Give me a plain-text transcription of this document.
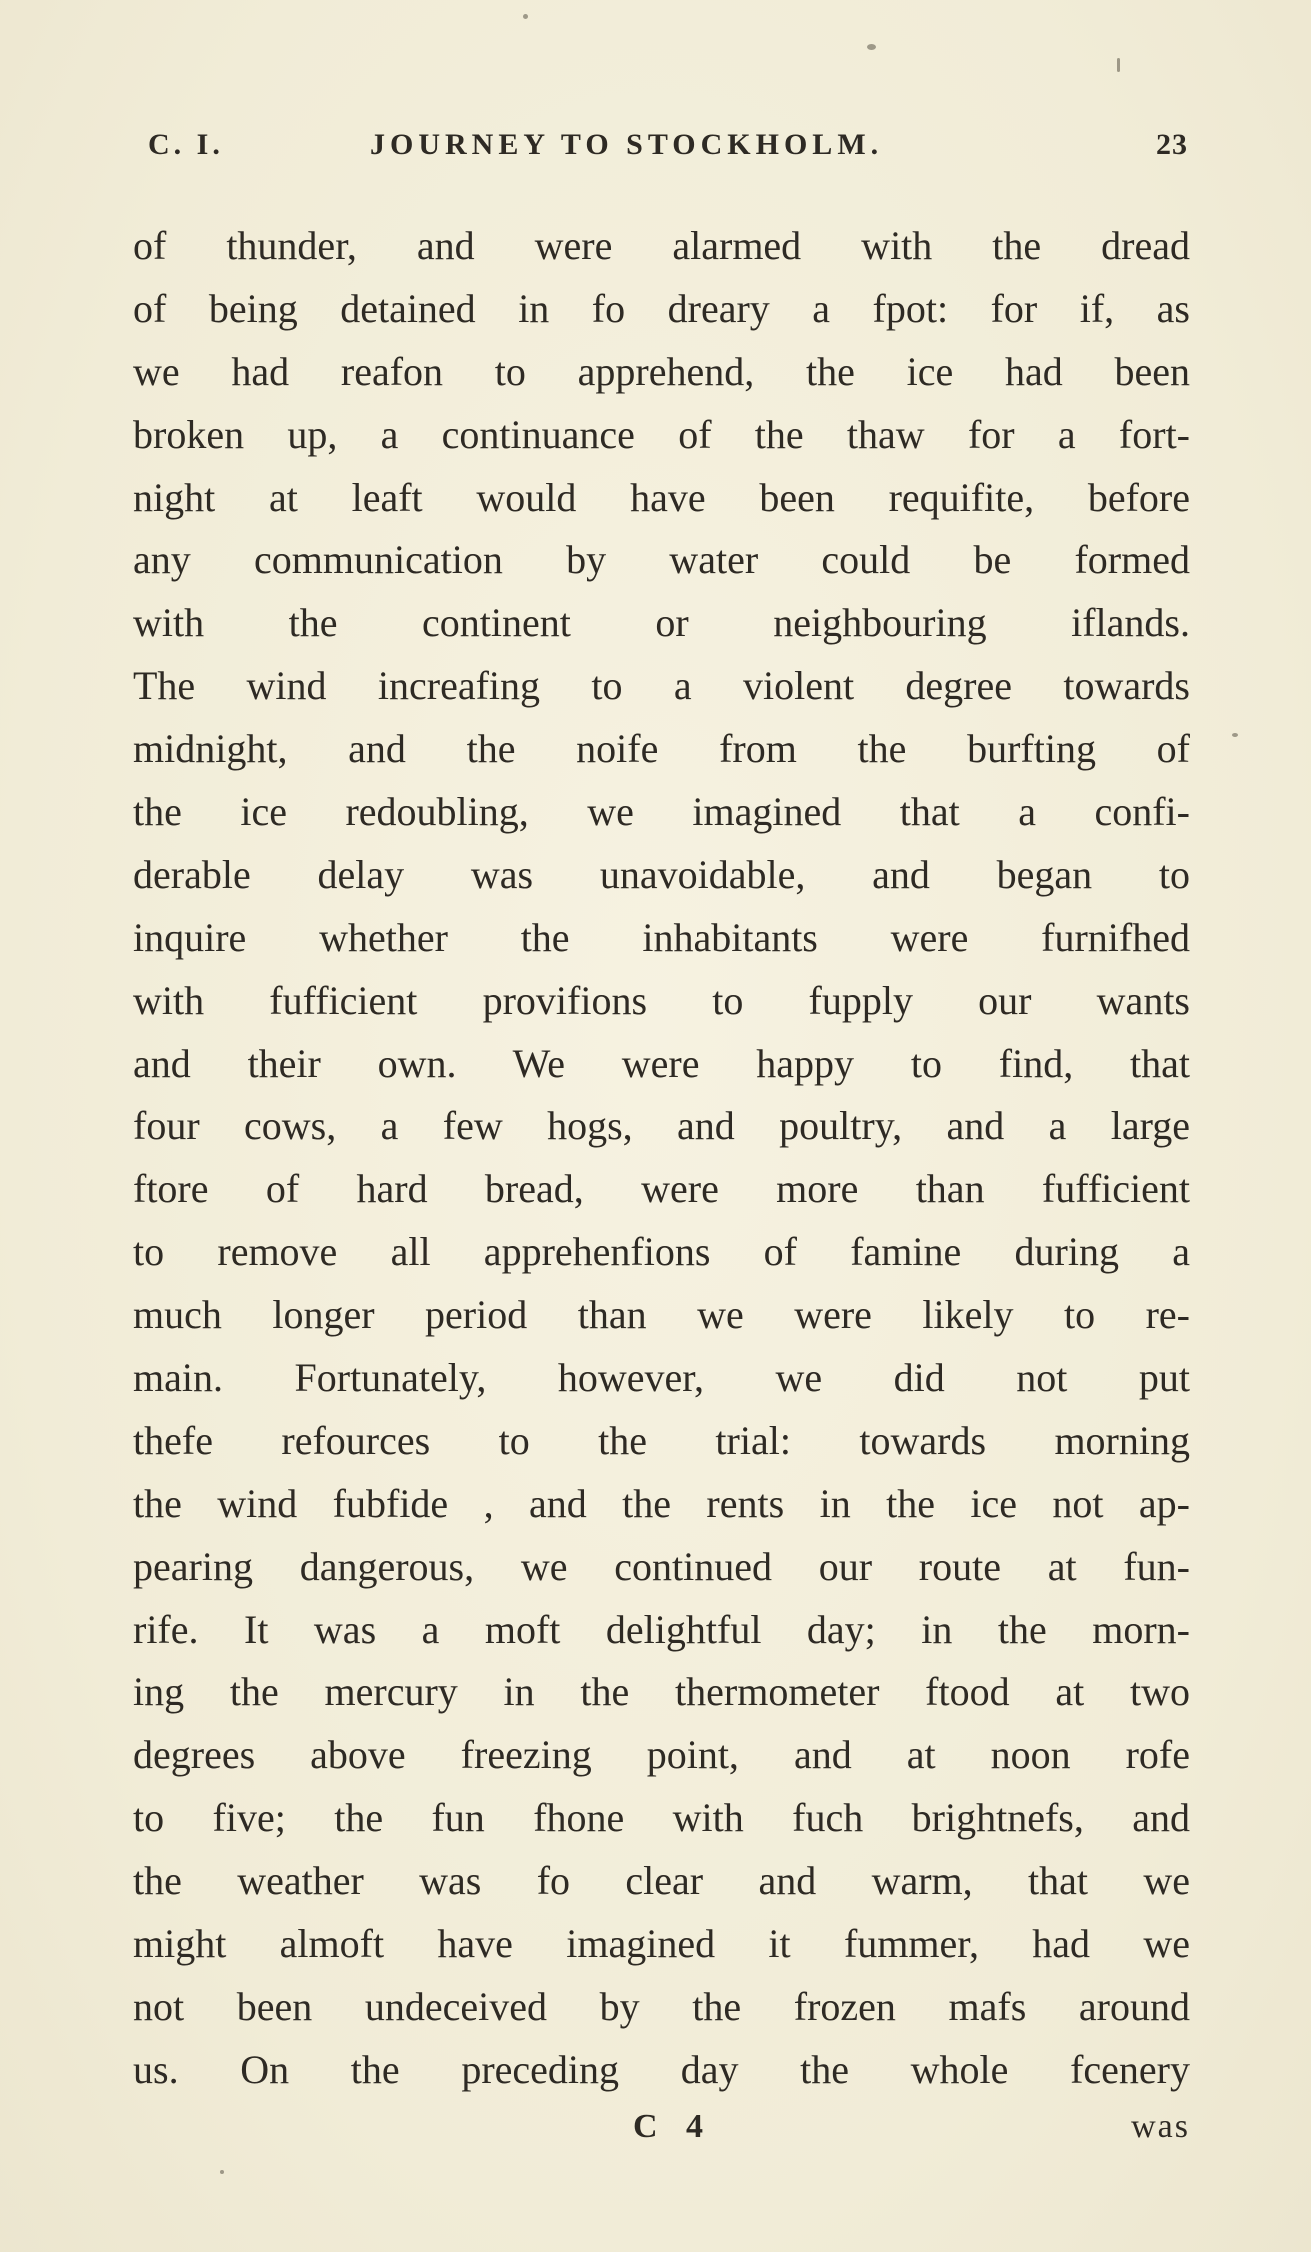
C. I.	JOURNEY TO STOCKHOLM.	23
of thunder, and were alarmed with the dread
of being detained in fo dreary a fpot: for if, as
we had reafon to apprehend, the ice had been
broken up, a continuance of the thaw for a fort-
night at leaft would have been requifite, before
any communication by water could be formed
with the continent or neighbouring iflands.
The wind increafing to a violent degree towards
midnight, and the noife from the burfting of
the ice redoubling, we imagined that a confi-
derable delay was unavoidable, and began to
inquire whether the inhabitants were furnifhed
with fufficient provifions to fupply our wants
and their own. We were happy to find, that
four cows, a few hogs, and poultry, and a large
ftore of hard bread, were more than fufficient
to remove all apprehenfions of famine during a
much longer period than we were likely to re-
main. Fortunately, however, we did not put
thefe refources to the trial: towards morning
the wind fubfide , and the rents in the ice not ap-
pearing dangerous, we continued our route at fun-
rife. It was a moft delightful day; in the morn-
ing the mercury in the thermometer ftood at two
degrees above freezing point, and at noon rofe
to five; the fun fhone with fuch brightnefs, and
the weather was fo clear and warm, that we
might almoft have imagined it fummer, had we
not been undeceived by the frozen mafs around
us. On the preceding day the whole fcenery
C 4	was
